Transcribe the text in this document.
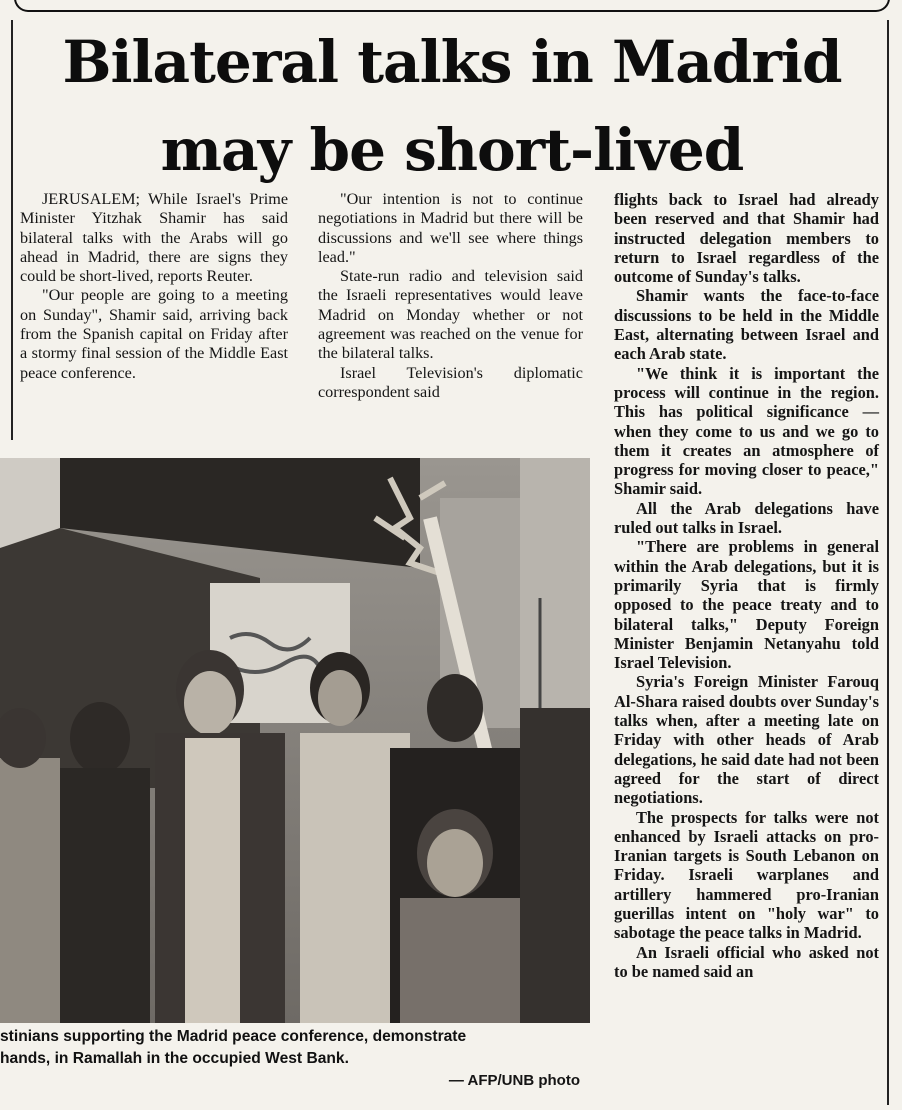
Bilateral talks in Madrid
may be short-lived

JERUSALEM; While Israel's Prime Minister Yitzhak Shamir has said bilateral talks with the Arabs will go ahead in Madrid, there are signs they could be short-lived, reports Reuter.

"Our people are going to a meeting on Sunday", Shamir said, arriving back from the Spanish capital on Friday after a stormy final session of the Middle East peace conference.

"Our intention is not to continue negotiations in Madrid but there will be discussions and we'll see where things lead."

State-run radio and television said the Israeli representatives would leave Madrid on Monday whether or not agreement was reached on the venue for the bilateral talks.

Israel Television's diplomatic correspondent said

flights back to Israel had already been reserved and that Shamir had instructed delegation members to return to Israel regardless of the outcome of Sunday's talks.

Shamir wants the face-to-face discussions to be held in the Middle East, alternating between Israel and each Arab state.

"We think it is important the process will continue in the region. This has political significance — when they come to us and we go to them it creates an atmosphere of progress for moving closer to peace," Shamir said.

All the Arab delegations have ruled out talks in Israel.

"There are problems in general within the Arab delegations, but it is primarily Syria that is firmly opposed to the peace treaty and to bilateral talks," Deputy Foreign Minister Benjamin Netanyahu told Israel Television.

Syria's Foreign Minister Farouq Al-Shara raised doubts over Sunday's talks when, after a meeting late on Friday with other heads of Arab delegations, he said date had not been agreed for the start of direct negotiations.

The prospects for talks were not enhanced by Israeli attacks on pro-Iranian targets is South Lebanon on Friday. Israeli warplanes and artillery hammered pro-Iranian guerillas intent on "holy war" to sabotage the peace talks in Madrid.

An Israeli official who asked not to be named said an

stinians supporting the Madrid peace conference, demonstrate
hands, in Ramallah in the occupied West Bank.
— AFP/UNB photo
